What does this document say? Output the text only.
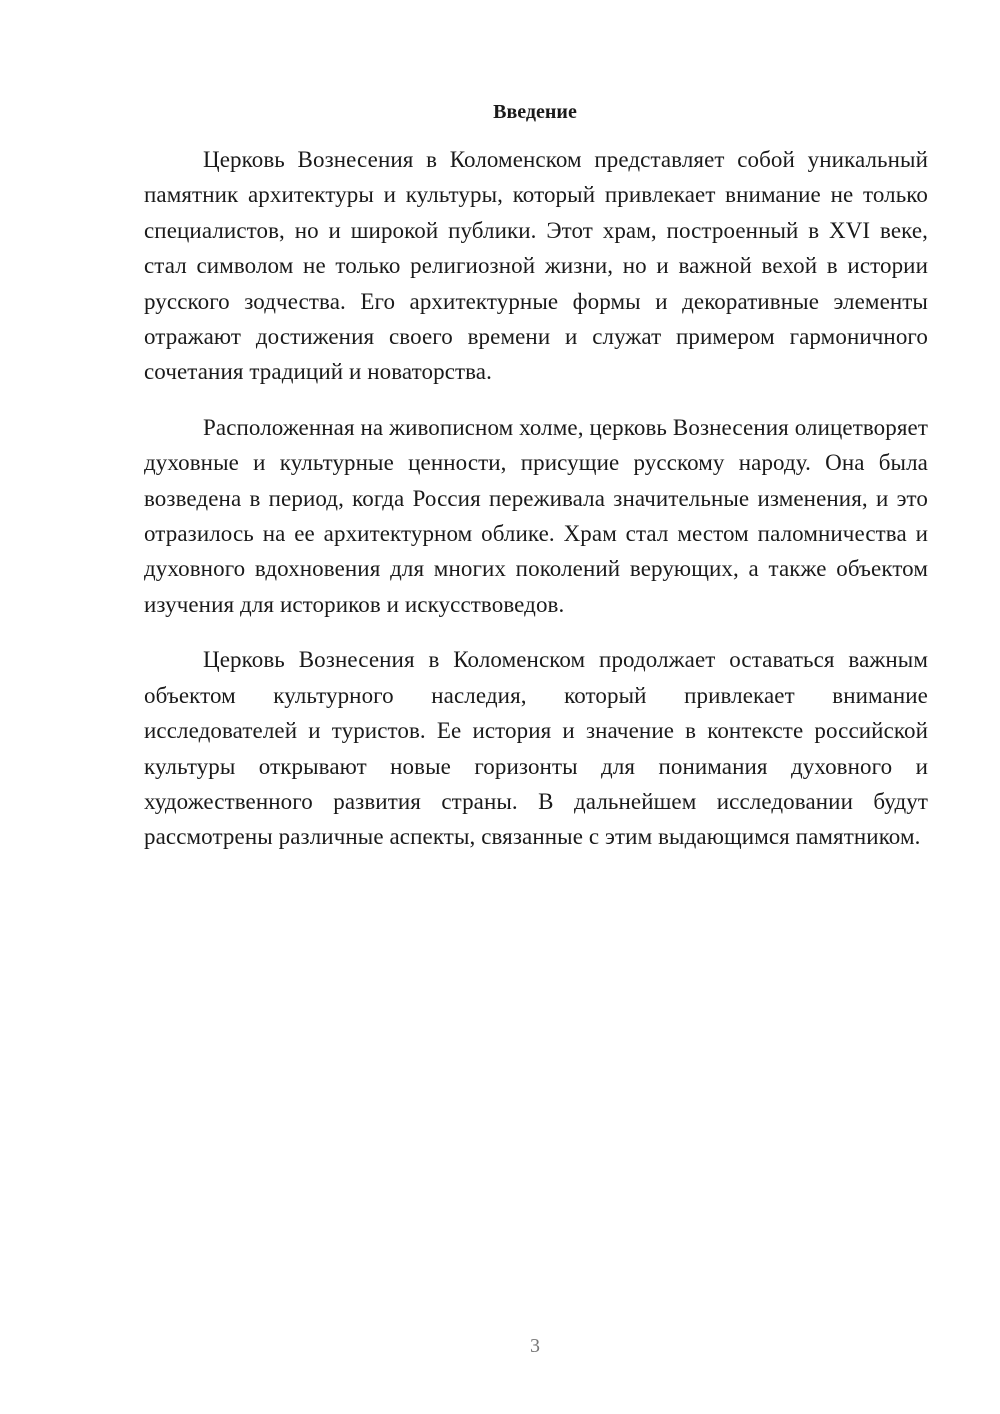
Введение

Церковь Вознесения в Коломенском представляет собой уникальный памятник архитектуры и культуры, который привлекает внимание не только специалистов, но и широкой публики. Этот храм, построенный в XVI веке, стал символом не только религиозной жизни, но и важной вехой в истории русского зодчества. Его архитектурные формы и декоративные элементы отражают достижения своего времени и служат примером гармоничного сочетания традиций и новаторства.

Расположенная на живописном холме, церковь Вознесения олицетворяет духовные и культурные ценности, присущие русскому народу. Она была возведена в период, когда Россия переживала значительные изменения, и это отразилось на ее архитектурном облике. Храм стал местом паломничества и духовного вдохновения для многих поколений верующих, а также объектом изучения для историков и искусствоведов.

Церковь Вознесения в Коломенском продолжает оставаться важным объектом культурного наследия, который привлекает внимание исследователей и туристов. Ее история и значение в контексте российской культуры открывают новые горизонты для понимания духовного и художественного развития страны. В дальнейшем исследовании будут рассмотрены различные аспекты, связанные с этим выдающимся памятником.

3
